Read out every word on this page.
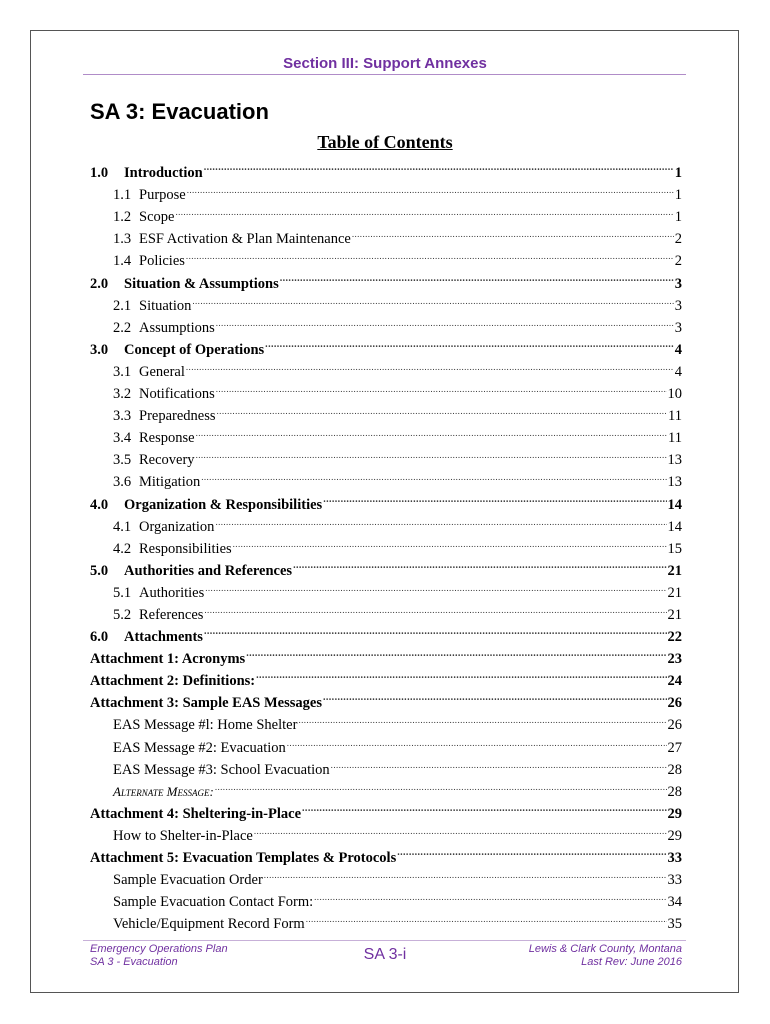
Section III: Support Annexes
SA 3: Evacuation
Table of Contents
1.0	Introduction .....	1
1.1 Purpose .....	1
1.2 Scope .....	1
1.3 ESF Activation & Plan Maintenance .....	2
1.4 Policies .....	2
2.0	Situation & Assumptions .....	3
2.1 Situation .....	3
2.2 Assumptions .....	3
3.0	Concept of Operations .....	4
3.1 General .....	4
3.2 Notifications .....	10
3.3 Preparedness .....	11
3.4 Response .....	11
3.5 Recovery .....	13
3.6 Mitigation .....	13
4.0	Organization & Responsibilities .....	14
4.1 Organization .....	14
4.2 Responsibilities .....	15
5.0	Authorities and References .....	21
5.1 Authorities .....	21
5.2 References .....	21
6.0	Attachments .....	22
Attachment 1: Acronyms .....	23
Attachment 2: Definitions: .....	24
Attachment 3: Sample EAS Messages .....	26
EAS Message #l: Home Shelter .....	26
EAS Message #2: Evacuation .....	27
EAS Message #3: School Evacuation .....	28
Alternate Message: .....	28
Attachment 4: Sheltering-in-Place .....	29
How to Shelter-in-Place .....	29
Attachment 5: Evacuation Templates & Protocols .....	33
Sample Evacuation Order .....	33
Sample Evacuation Contact Form: .....	34
Vehicle/Equipment Record Form .....	35
Emergency Operations Plan
SA 3 - Evacuation	SA 3-i	Lewis & Clark County, Montana
Last Rev: June 2016
